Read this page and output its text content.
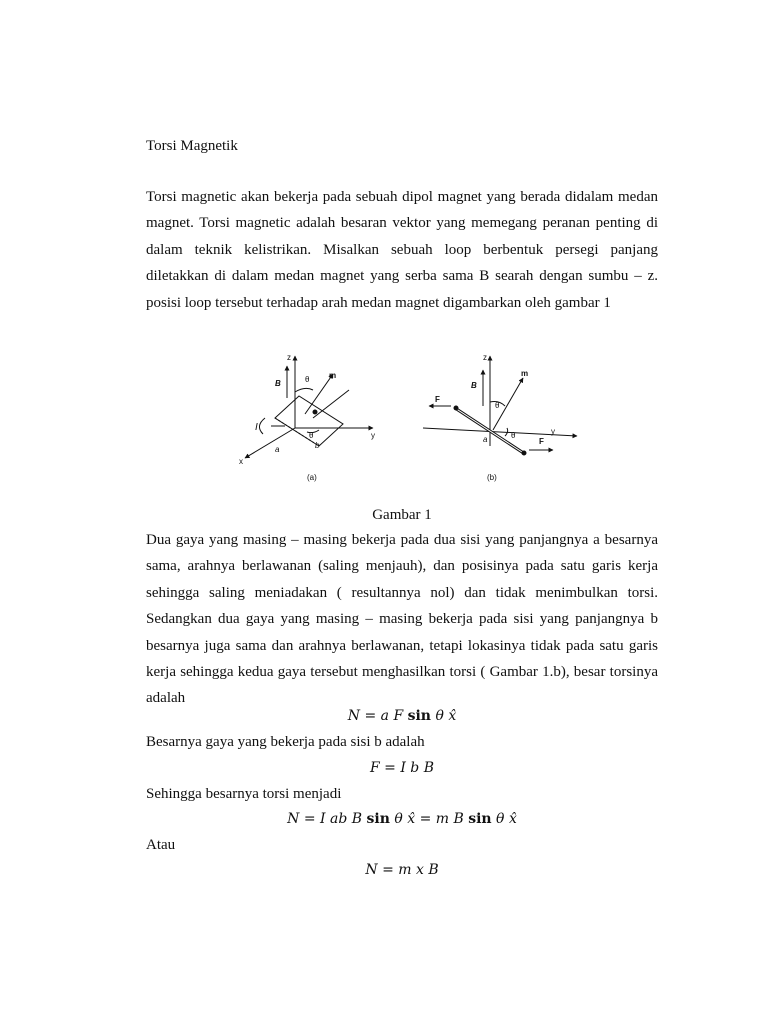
Torsi Magnetik

Torsi magnetic akan bekerja pada sebuah dipol magnet yang berada didalam medan magnet. Torsi magnetic adalah besaran vektor yang memegang peranan penting di dalam teknik kelistrikan. Misalkan sebuah loop berbentuk persegi panjang diletakkan di dalam medan magnet yang serba sama B searah dengan sumbu – z. posisi loop tersebut terhadap arah medan magnet digambarkan oleh gambar 1

z
y
x
B
m
θ
θ
I
a	b
(a)
z
y
B
m
θ
θ
F
F
a
(b)
Gambar 1

Dua gaya yang masing – masing bekerja pada dua sisi yang panjangnya a besarnya sama, arahnya berlawanan (saling menjauh), dan posisinya pada satu garis kerja sehingga saling meniadakan ( resultannya nol) dan tidak menimbulkan torsi. Sedangkan dua gaya yang masing – masing bekerja pada sisi yang panjangnya b besarnya juga sama dan arahnya berlawanan, tetapi lokasinya tidak pada satu garis kerja sehingga kedua gaya tersebut menghasilkan torsi ( Gambar 1.b), besar torsinya adalah

N = a F sin θ x̂
Besarnya gaya yang bekerja pada sisi b adalah
F = I b B
Sehingga besarnya torsi menjadi
N = I ab B sin θ x̂ = m B sin θ x̂
Atau
N = m x B
